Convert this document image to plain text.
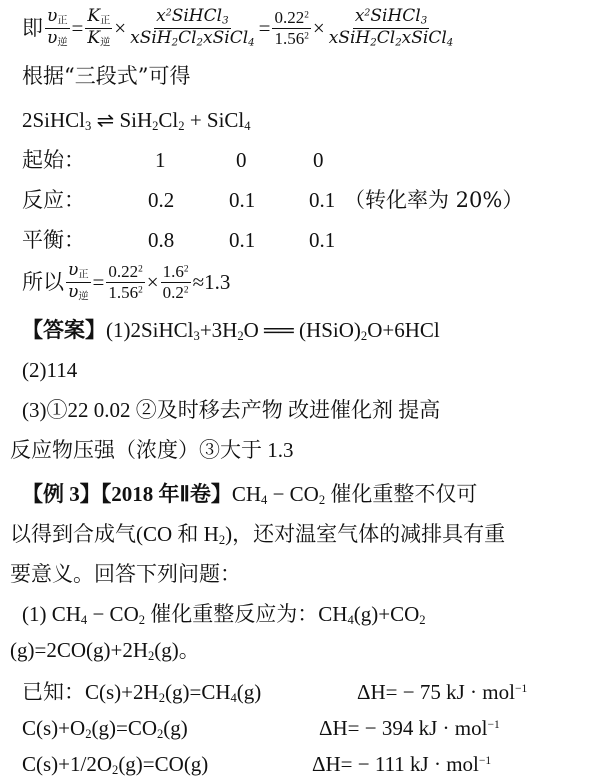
即 $\frac{\upsilon_正}{\upsilon_逆} = \frac{K_正}{K_逆} \times \frac{x^2SiHCl_3}{xSiH_2Cl_2xSiCl_4} = \frac{0.22^2}{1.56^2} \times \frac{x^2SiHCl_3}{xSiH_2Cl_2xSiCl_4}$
根据“三段式”可得
2SiHCl$_3$ ⇌ $SiH_2Cl_2$ + SiCl$_4$
起始：	1	0	0
反应：	0.2	0.1	0.1 （转化率为 20%）
平衡：	0.8	0.1	0.1
所以 $\frac{\upsilon_正}{\upsilon_逆} = \frac{0.22^2}{1.56^2} \times \frac{1.6^2}{0.2^2} \approx 1.3$
【答案】$(1)2SiHCl_3+3H_2O$ ══ $(HSiO)_2O+6HCl$
(2)114
(3)①22 0.02 ②及时移去产物 改进催化剂 提高
反应物压强（浓度）③大于 1.3
【例 3】【2018 年Ⅱ卷】$CH_4 - CO_2$ 催化重整不仅可
以得到合成气(CO 和 $H_2$)，还对温室气体的减排具有重
要意义。回答下列问题：
(1) $CH_4 - CO_2$ 催化重整反应为：$CH_4(g)+CO_2$
$(g)=2CO(g)+2H_2(g)$。
已知：$C(s)+2H_2(g)=CH_4(g)$	ΔH= − 75 kJ · mol$^{-1}$
$C(s)+O_2(g)=CO_2(g)$	ΔH= − 394 kJ · mol$^{-1}$
$C(s)+1/2O_2(g)=CO(g)$	ΔH= − 111 kJ · mol$^{-1}$
